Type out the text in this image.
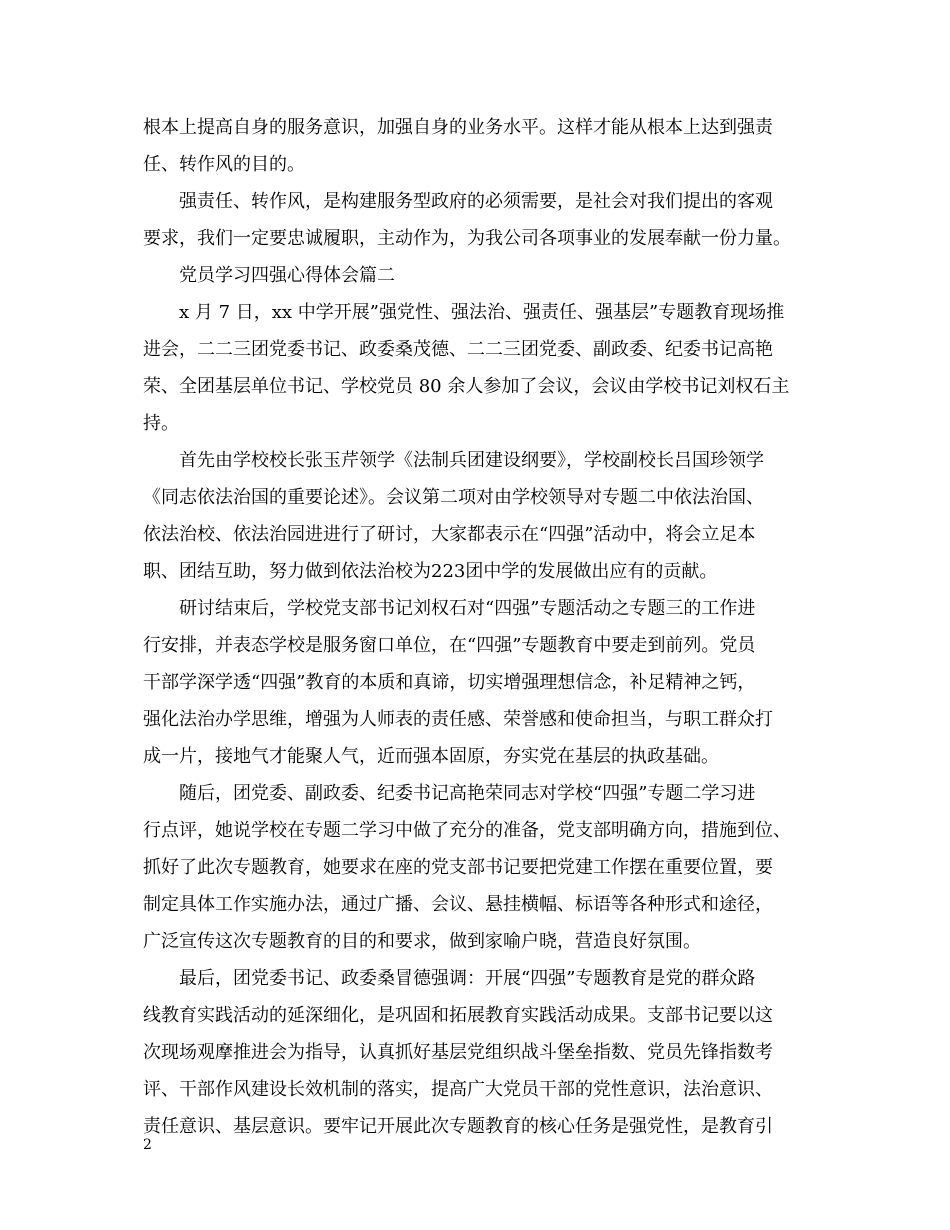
根本上提高自身的服务意识，加强自身的业务水平。这样才能从根本上达到强责
任、转作风的目的。
强责任、转作风，是构建服务型政府的必须需要，是社会对我们提出的客观
要求，我们一定要忠诚履职，主动作为，为我公司各项事业的发展奉献一份力量。
党员学习四强心得体会篇二
x 月 7 日，xx 中学开展”强党性、强法治、强责任、强基层”专题教育现场推
进会，二二三团党委书记、政委桑茂德、二二三团党委、副政委、纪委书记高艳
荣、全团基层单位书记、学校党员 80 余人参加了会议，会议由学校书记刘权石主
持。
首先由学校校长张玉芹领学《法制兵团建设纲要》，学校副校长吕国珍领学
《同志依法治国的重要论述》。会议第二项对由学校领导对专题二中依法治国、
依法治校、依法治园进进行了研讨，大家都表示在“四强”活动中，将会立足本
职、团结互助，努力做到依法治校为223团中学的发展做出应有的贡献。
研讨结束后，学校党支部书记刘权石对“四强”专题活动之专题三的工作进
行安排，并表态学校是服务窗口单位，在“四强”专题教育中要走到前列。党员
干部学深学透“四强”教育的本质和真谛，切实增强理想信念，补足精神之钙，
强化法治办学思维，增强为人师表的责任感、荣誉感和使命担当，与职工群众打
成一片，接地气才能聚人气，近而强本固原，夯实党在基层的执政基础。
随后，团党委、副政委、纪委书记高艳荣同志对学校“四强”专题二学习进
行点评，她说学校在专题二学习中做了充分的准备，党支部明确方向，措施到位、
抓好了此次专题教育，她要求在座的党支部书记要把党建工作摆在重要位置，要
制定具体工作实施办法，通过广播、会议、悬挂横幅、标语等各种形式和途径，
广泛宣传这次专题教育的目的和要求，做到家喻户晓，营造良好氛围。
最后，团党委书记、政委桑冒德强调：开展“四强”专题教育是党的群众路
线教育实践活动的延深细化，是巩固和拓展教育实践活动成果。支部书记要以这
次现场观摩推进会为指导，认真抓好基层党组织战斗堡垒指数、党员先锋指数考
评、干部作风建设长效机制的落实，提高广大党员干部的党性意识，法治意识、
责任意识、基层意识。要牢记开展此次专题教育的核心任务是强党性，是教育引
2
